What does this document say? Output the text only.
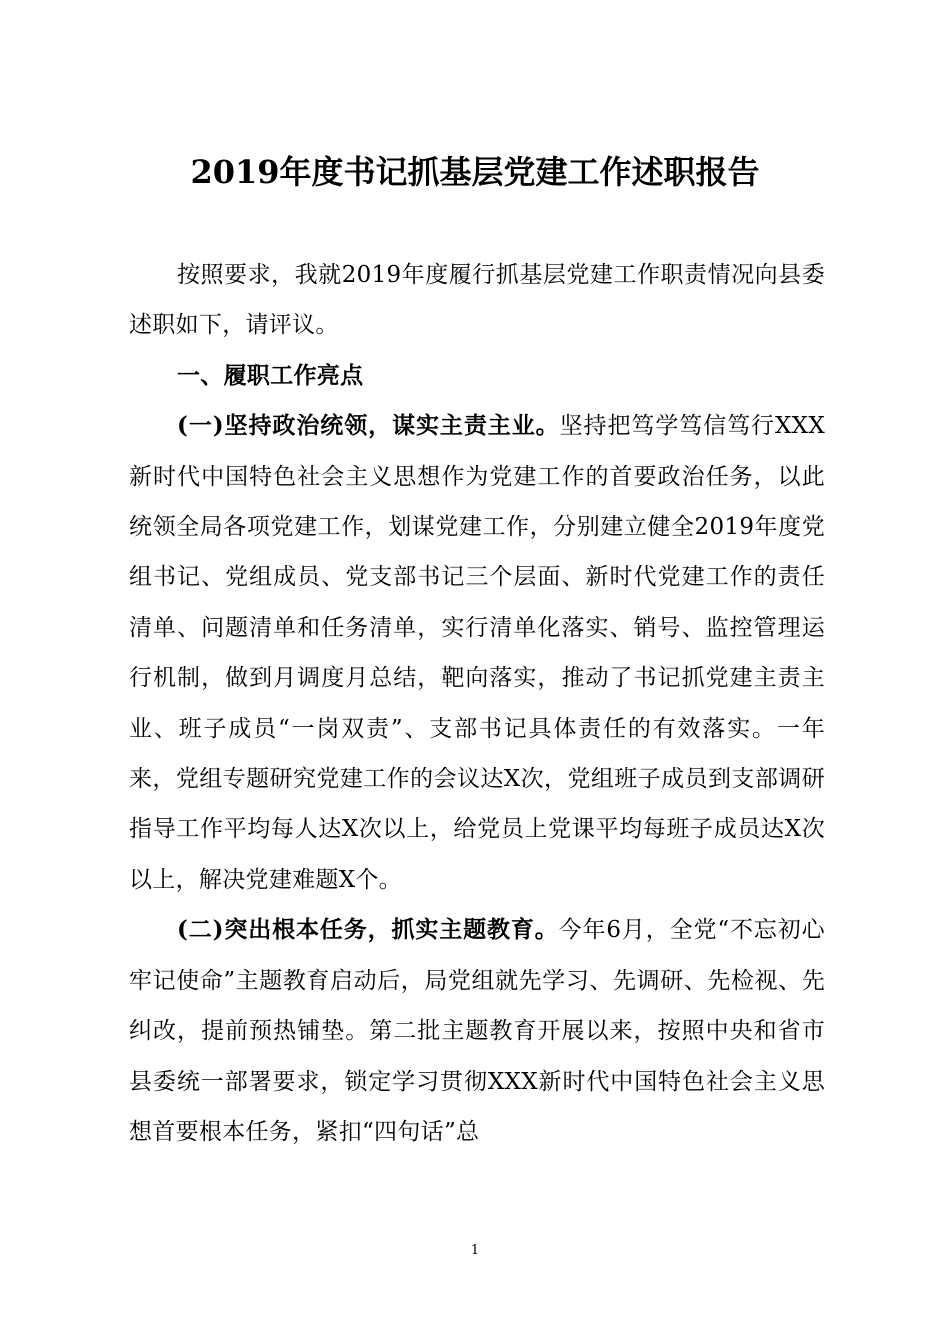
2019年度书记抓基层党建工作述职报告

按照要求，我就2019年度履行抓基层党建工作职责情况向县委述职如下，请评议。

一、履职工作亮点

(一)坚持政治统领，谋实主责主业。坚持把笃学笃信笃行XXX新时代中国特色社会主义思想作为党建工作的首要政治任务，以此统领全局各项党建工作，划谋党建工作，分别建立健全2019年度党组书记、党组成员、党支部书记三个层面、新时代党建工作的责任清单、问题清单和任务清单，实行清单化落实、销号、监控管理运行机制，做到月调度月总结，靶向落实，推动了书记抓党建主责主业、班子成员“一岗双责”、支部书记具体责任的有效落实。一年来，党组专题研究党建工作的会议达X次，党组班子成员到支部调研指导工作平均每人达X次以上，给党员上党课平均每班子成员达X次以上，解决党建难题X个。

(二)突出根本任务，抓实主题教育。今年6月，全党“不忘初心牢记使命”主题教育启动后，局党组就先学习、先调研、先检视、先纠改，提前预热铺垫。第二批主题教育开展以来，按照中央和省市县委统一部署要求，锁定学习贯彻XXX新时代中国特色社会主义思想首要根本任务，紧扣“四句话”总

1
